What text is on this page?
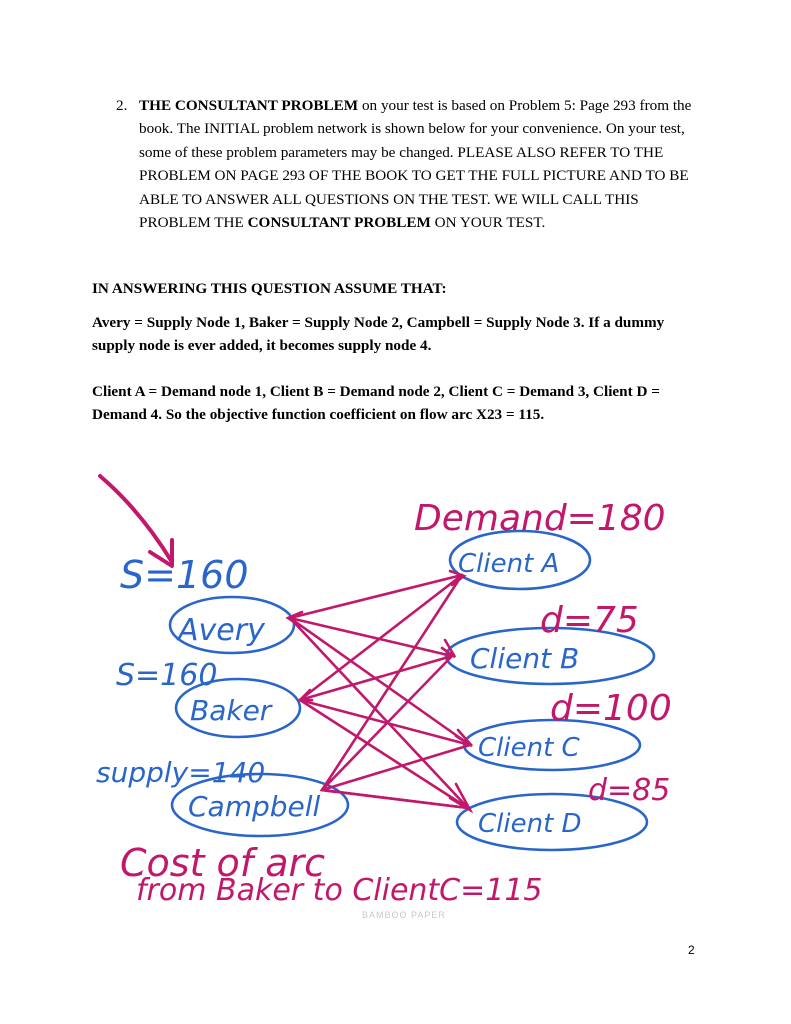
2. THE CONSULTANT PROBLEM on your test is based on Problem 5: Page 293 from the book. The INITIAL problem network is shown below for your convenience. On your test, some of these problem parameters may be changed. PLEASE ALSO REFER TO THE PROBLEM ON PAGE 293 OF THE BOOK TO GET THE FULL PICTURE AND TO BE ABLE TO ANSWER ALL QUESTIONS ON THE TEST. WE WILL CALL THIS PROBLEM THE CONSULTANT PROBLEM ON YOUR TEST.
IN ANSWERING THIS QUESTION ASSUME THAT:
Avery = Supply Node 1, Baker = Supply Node 2, Campbell = Supply Node 3. If a dummy supply node is ever added, it becomes supply node 4.
Client A = Demand node 1, Client B = Demand node 2, Client C = Demand 3, Client D = Demand 4. So the objective function coefficient on flow arc X23 = 115.
S=160
Avery
S=160
Baker
supply=140
Campbell
Client A
Client B
Client C
Client D
Demand=180
d=75
d=100
d=85
Cost of arc
from Baker to ClientC=115
BAMBOO PAPER
2
